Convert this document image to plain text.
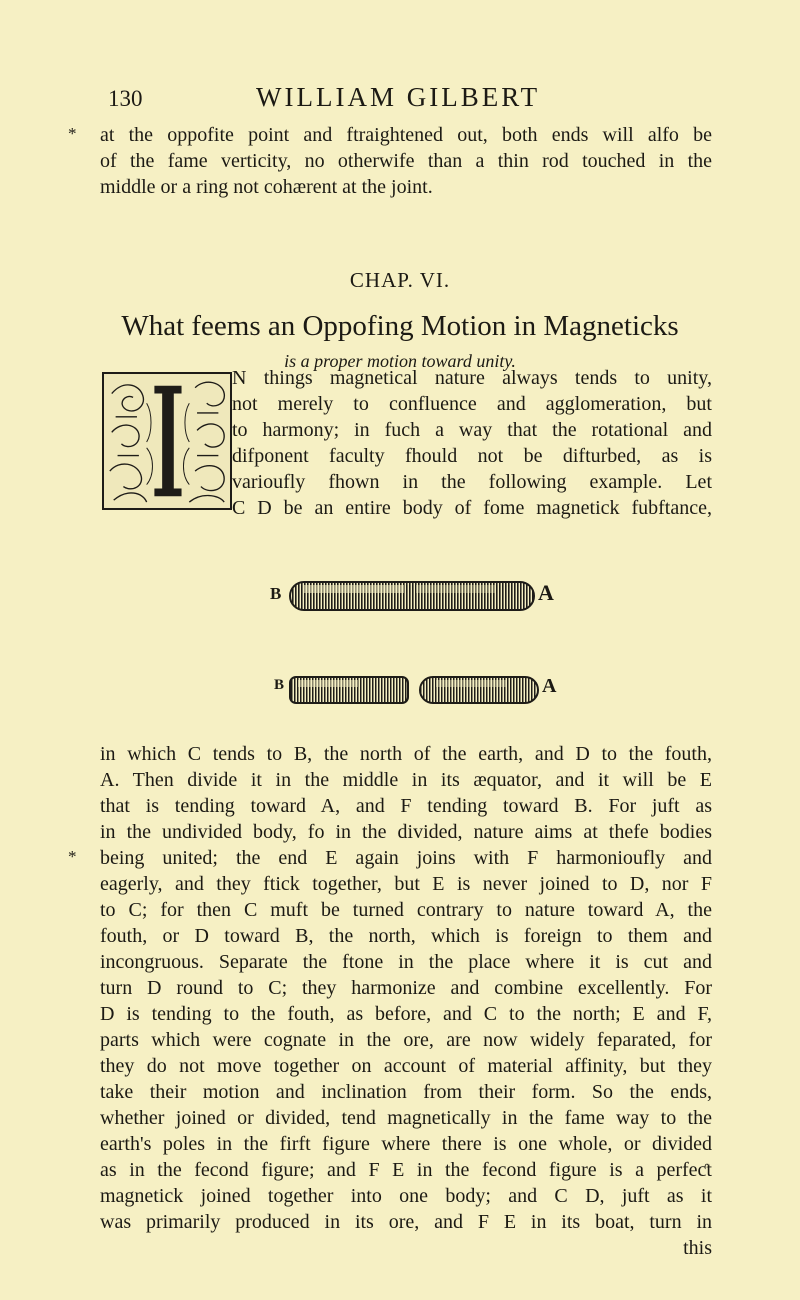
130	WILLIAM GILBERT
* at the oppofite point and ftraightened out, both ends will alfo be
of the fame verticity, no otherwife than a thin rod touched in the
middle or a ring not cohærent at the joint.
CHAP. VI.
What feems an Oppofing Motion in Magneticks
is a proper motion toward unity.
N things magnetical nature always tends to unity,
not merely to confluence and agglomeration, but
to harmony; in fuch a way that the rotational and
difponent faculty fhould not be difturbed, as is
varioufly fhown in the following example. Let
C D be an entire body of fome magnetick fubftance,
B	A
B	A
in which C tends to B, the north of the earth, and D to the fouth,
A. Then divide it in the middle in its æquator, and it will be E
that is tending toward A, and F tending toward B. For juft as
in the undivided body, fo in the divided, nature aims at thefe bodies
* being united; the end E again joins with F harmonioufly and
eagerly, and they ftick together, but E is never joined to D, nor F
to C; for then C muft be turned contrary to nature toward A, the
fouth, or D toward B, the north, which is foreign to them and
incongruous. Separate the ftone in the place where it is cut and
turn D round to C; they harmonize and combine excellently. For
D is tending to the fouth, as before, and C to the north; E and F,
parts which were cognate in the ore, are now widely feparated, for
they do not move together on account of material affinity, but they
take their motion and inclination from their form. So the ends,
whether joined or divided, tend magnetically in the fame way to the
earth's poles in the firft figure where there is one whole, or divided
as in the fecond figure; and F E in the fecond figure is a perfeƈt
magnetick joined together into one body; and C D, juft as it
was primarily produced in its ore, and F E in its boat, turn in
this
